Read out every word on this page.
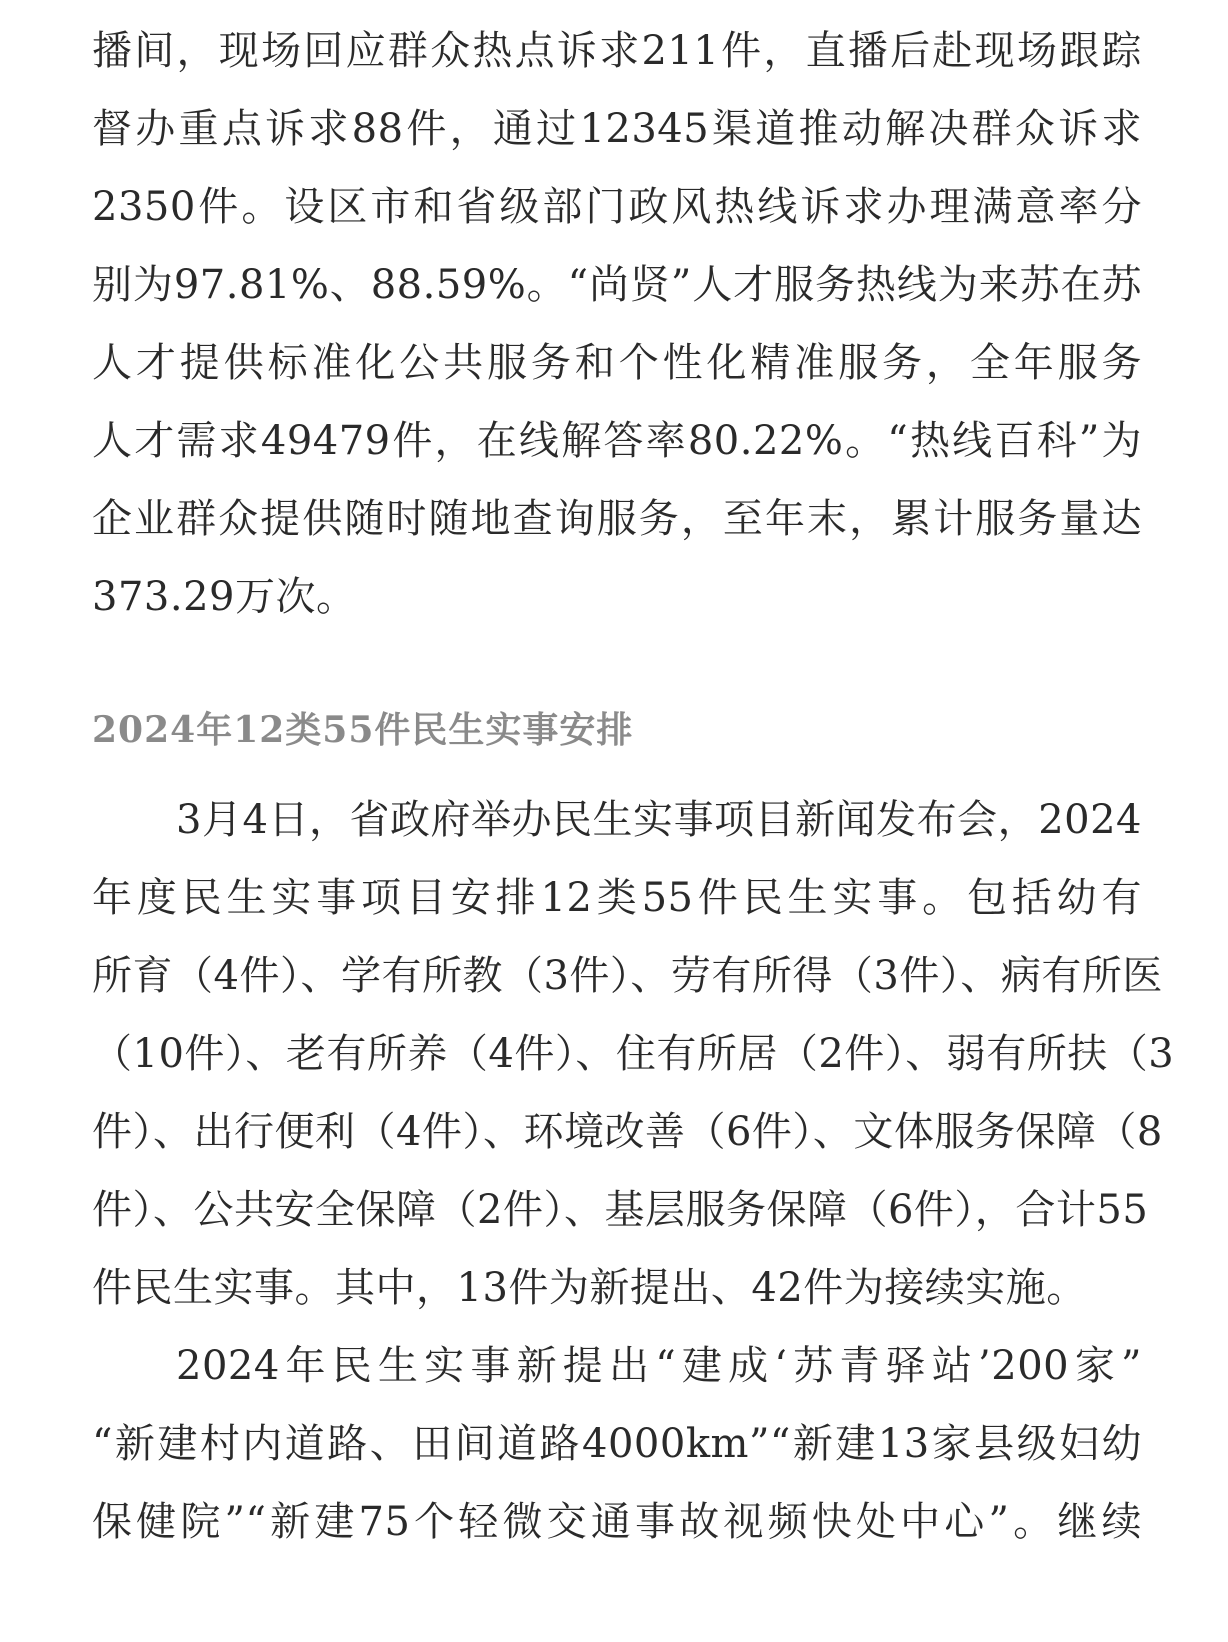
播间，现场回应群众热点诉求211件，直播后赴现场跟踪
督办重点诉求88件，通过12345渠道推动解决群众诉求
2350件。设区市和省级部门政风热线诉求办理满意率分
别为97.81%、88.59%。“尚贤”人才服务热线为来苏在苏
人才提供标准化公共服务和个性化精准服务，全年服务
人才需求49479件，在线解答率80.22%。“热线百科”为
企业群众提供随时随地查询服务，至年末，累计服务量达
373.29万次。
2024年12类55件民生实事安排
3月4日，省政府举办民生实事项目新闻发布会，2024
年度民生实事项目安排12类55件民生实事。包括幼有
所育（4件）、学有所教（3件）、劳有所得（3件）、病有所医
（10件）、老有所养（4件）、住有所居（2件）、弱有所扶（3
件）、出行便利（4件）、环境改善（6件）、文体服务保障（8
件）、公共安全保障（2件）、基层服务保障（6件），合计55
件民生实事。其中，13件为新提出、42件为接续实施。
2024年民生实事新提出“建成‘苏青驿站’200家”
“新建村内道路、田间道路4000km”“新建13家县级妇幼
保健院”“新建75个轻微交通事故视频快处中心”。继续
